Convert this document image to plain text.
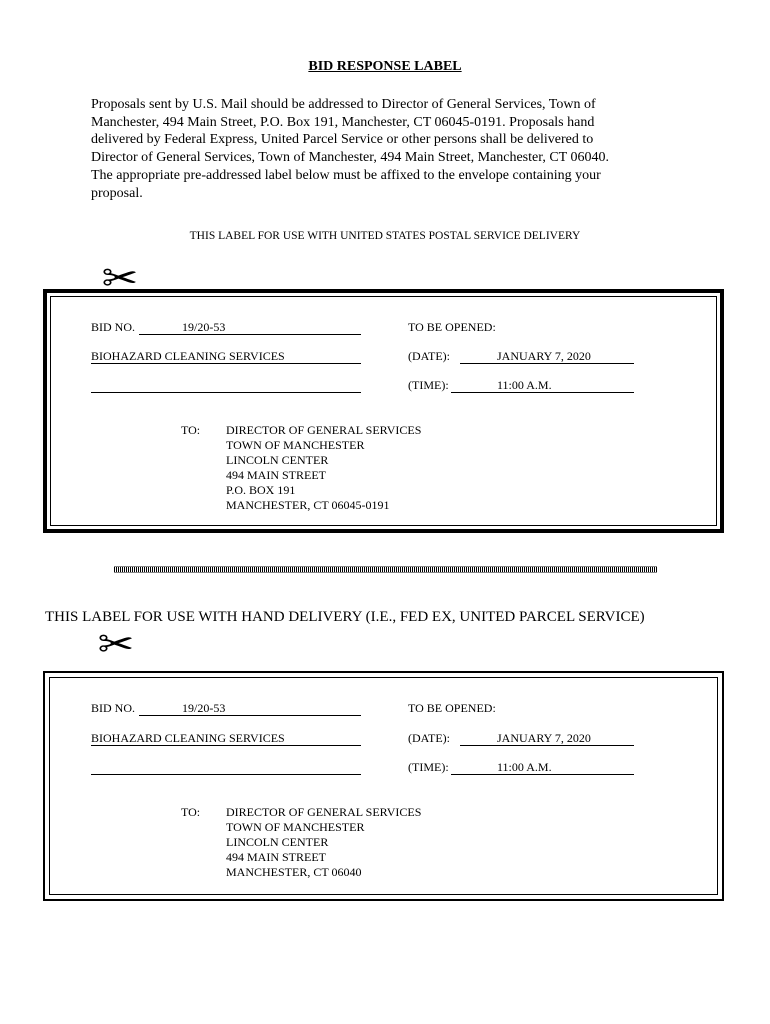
BID RESPONSE LABEL
Proposals sent by U.S. Mail should be addressed to Director of General Services, Town of
Manchester, 494 Main Street, P.O. Box 191, Manchester, CT 06045-0191. Proposals hand
delivered by Federal Express, United Parcel Service or other persons shall be delivered to
Director of General Services, Town of Manchester, 494 Main Street, Manchester, CT 06040.
The appropriate pre-addressed label below must be affixed to the envelope containing your
proposal.
THIS LABEL FOR USE WITH UNITED STATES POSTAL SERVICE DELIVERY
✂
BID NO.	19/20-53	TO BE OPENED:
BIOHAZARD CLEANING SERVICES	(DATE):	JANUARY 7, 2020
(TIME):	11:00 A.M.
TO: DIRECTOR OF GENERAL SERVICES
TOWN OF MANCHESTER
LINCOLN CENTER
494 MAIN STREET
P.O. BOX 191
MANCHESTER, CT 06045-0191
THIS LABEL FOR USE WITH HAND DELIVERY (I.E., FED EX, UNITED PARCEL SERVICE)
✂
BID NO.	19/20-53	TO BE OPENED:
BIOHAZARD CLEANING SERVICES	(DATE):	JANUARY 7, 2020
(TIME):	11:00 A.M.
TO: DIRECTOR OF GENERAL SERVICES
TOWN OF MANCHESTER
LINCOLN CENTER
494 MAIN STREET
MANCHESTER, CT 06040
